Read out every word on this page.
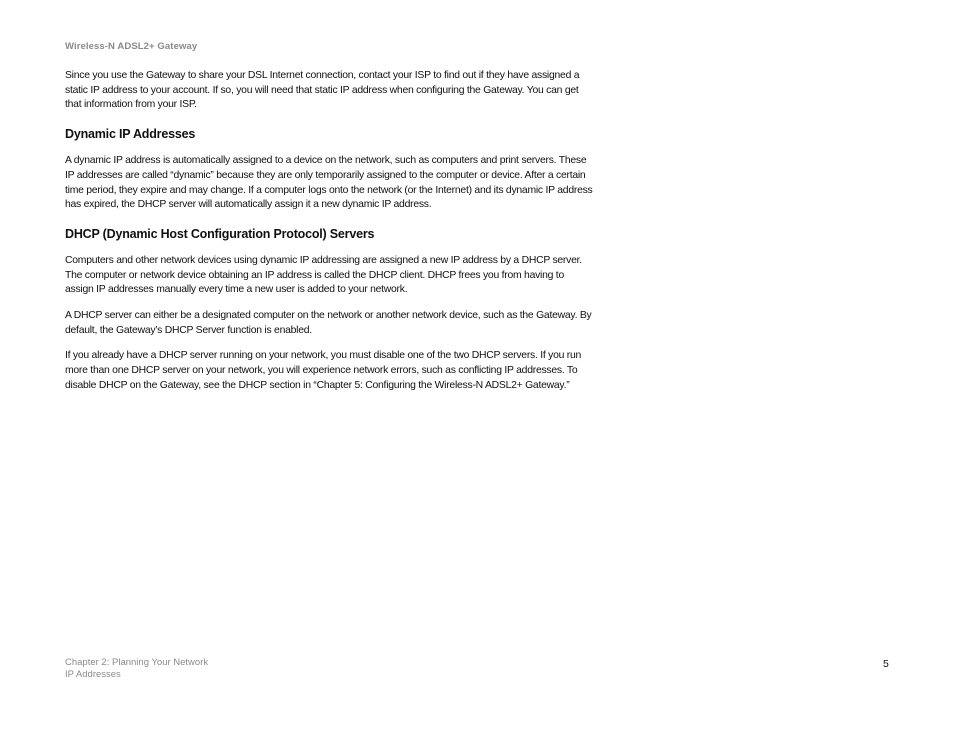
Wireless-N ADSL2+ Gateway

Since you use the Gateway to share your DSL Internet connection, contact your ISP to find out if they have assigned a static IP address to your account. If so, you will need that static IP address when configuring the Gateway. You can get that information from your ISP.

Dynamic IP Addresses

A dynamic IP address is automatically assigned to a device on the network, such as computers and print servers. These IP addresses are called “dynamic” because they are only temporarily assigned to the computer or device. After a certain time period, they expire and may change. If a computer logs onto the network (or the Internet) and its dynamic IP address has expired, the DHCP server will automatically assign it a new dynamic IP address.

DHCP (Dynamic Host Configuration Protocol) Servers

Computers and other network devices using dynamic IP addressing are assigned a new IP address by a DHCP server. The computer or network device obtaining an IP address is called the DHCP client. DHCP frees you from having to assign IP addresses manually every time a new user is added to your network.

A DHCP server can either be a designated computer on the network or another network device, such as the Gateway. By default, the Gateway’s DHCP Server function is enabled.

If you already have a DHCP server running on your network, you must disable one of the two DHCP servers. If you run more than one DHCP server on your network, you will experience network errors, such as conflicting IP addresses. To disable DHCP on the Gateway, see the DHCP section in “Chapter 5: Configuring the Wireless-N ADSL2+ Gateway.”

Chapter 2: Planning Your Network
IP Addresses
5
